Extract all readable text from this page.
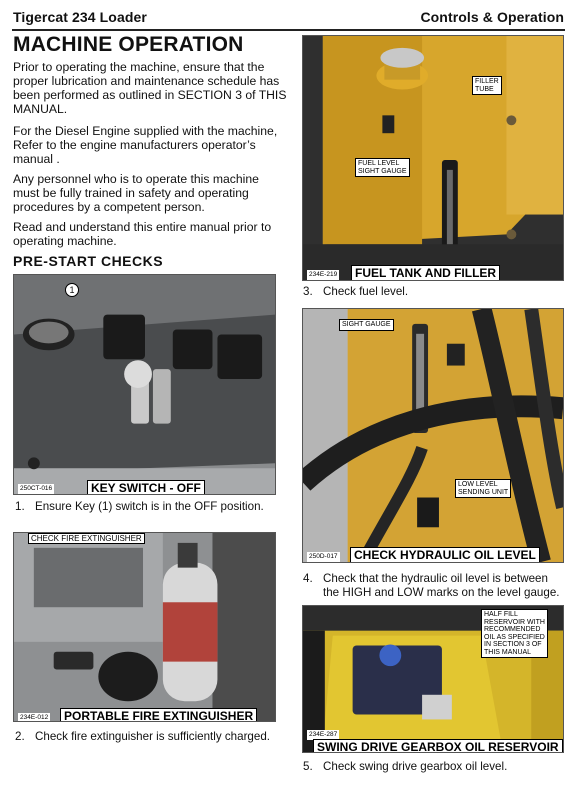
Tigercat 234 Loader	Controls & Operation
MACHINE OPERATION
Prior to operating the machine, ensure that the proper lubrication and maintenance schedule has been performed as outlined in SECTION 3 of THIS MANUAL.
For the Diesel Engine supplied with the machine, Refer to the engine manufacturers operator’s manual .
Any personnel who is to operate this machine must be fully trained in safety and operating procedures by a competent person.
Read and understand this entire manual prior to operating machine.
PRE-START CHECKS
1
250CT-016	KEY SWITCH - OFF
1. Ensure Key (1) switch is in the OFF position.
CHECK FIRE EXTINGUISHER
234E-012	PORTABLE FIRE EXTINGUISHER
2. Check fire extinguisher is sufficiently charged.
FILLER
TUBE
FUEL LEVEL
SIGHT GAUGE
234E-219	FUEL TANK AND FILLER
3. Check fuel level.
SIGHT GAUGE
LOW LEVEL
SENDING UNIT
250D-017	CHECK HYDRAULIC OIL LEVEL
4. Check that the hydraulic oil level is between the HIGH and LOW marks on the level gauge.
HALF FILL
RESERVOIR WITH
RECOMMENDED
OIL AS SPECIFIED
IN SECTION 3 OF
THIS MANUAL
234E-287
SWING DRIVE GEARBOX OIL RESERVOIR
5. Check swing drive gearbox oil level.
